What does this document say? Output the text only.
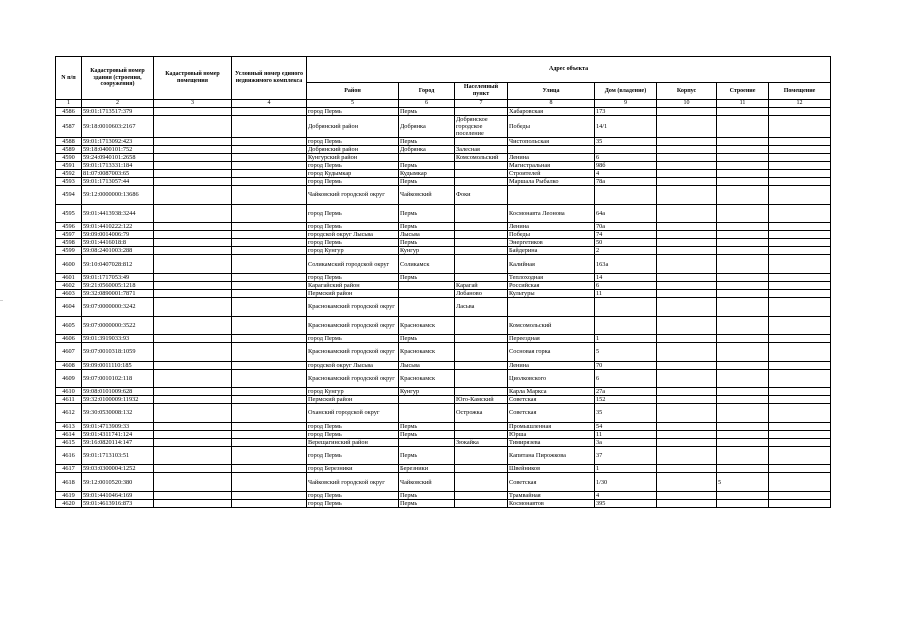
N п/п	Кадастровый номер здания (строения, сооружения)	Кадастровый номер помещения	Условный номер единого недвижимого комплекса	Адрес объекта							
				Район	Город	Населенный пункт	Улица	Дом (владение)	Корпус	Строение	Помещение
1	2	3	4	5	6	7	8	9	10	11	12
4586	59:01:1713517:379			город Пермь	Пермь		Хабаровская	173			
4587	59:18:0010603:2167			Добрянский район	Добрянка	Добрянское городское поселение	Победы	14/1			
4588	59:01:1713092:423			город Пермь	Пермь		Чистопольская	35			
4589	59:18:0400101:752			Добрянский район	Добрянка	Залесная					
4590	59:24:0940101:2658			Кунгурский район		Комсомольский	Ленина	6			
4591	59:01:1713331:184			город Пермь	Пермь		Магистральная	98б			
4592	81:07:0087003:65			город Кудымкар	Кудымкар		Строителей	4			
4593	59:01:1713057:44			город Пермь	Пермь		Маршала Рыбалко	78а			
4594	59:12:0000000:13686			Чайковский городской округ	Чайковский	Фоки					
4595	59:01:4413938:3244			город Пермь	Пермь		Космонавта Леонова	64а			
4596	59:01:4410222:122			город Пермь	Пермь		Ленина	70а			
4597	59:09:0014006:79			городской округ Лысьва	Лысьва		Победы	74			
4598	59:01:4416018:8			город Пермь	Пермь		Энергетиков	50			
4599	59:08:2401003:288			город Кунгур	Кунгур		Байдерина	2			
4600	59:10:0407028:812			Соликамский городской округ	Соликамск		Калийная	163а			
4601	59:01:1717053:49			город Пермь	Пермь		Теплоходная	14			
4602	59:21:0560005:1218			Карагайский район		Карагай	Российская	6			
4603	59:32:0890001:7871			Пермский район		Лобаново	Культуры	11			
4604	59:07:0000000:3242			Краснокамский городской округ		Ласьва					
4605	59:07:0000000:3522			Краснокамский городской округ	Краснокамск		Комсомольский				
4606	59:01:3919033:93			город Пермь	Пермь		Переездная	1			
4607	59:07:0010318:1059			Краснокамский городской округ	Краснокамск		Сосновая горка	5			
4608	59:09:0011110:185			городской округ Лысьва	Лысьва		Ленина	70			
4609	59:07:0010102:118			Краснокамский городской округ	Краснокамск		Циолковского	6			
4610	59:08:0101009:628			город Кунгур	Кунгур		Карла Маркса	27а			
4611	59:32:0100009:11932			Пермский район		Юго-Камский	Советская	152			
4612	59:30:0530008:132			Оханский городской округ		Острожка	Советская	35			
4613	59:01:4713909:33			город Пермь	Пермь		Промышленная	54			
4614	59:01:4311741:124			город Пермь	Пермь		Юрша	11			
4615	59:16:0820114:147			Верещагинский район		Зюкайка	Тимирязева	3а			
4616	59:01:1713103:51			город Пермь	Пермь		Капитана Пирожкова	37			
4617	59:03:0300004:1252			город Березники	Березники		Швейников	1			
4618	59:12:0010520:380			Чайковский городской округ	Чайковский		Советская	1/30		5	
4619	59:01:4410464:169			город Пермь	Пермь		Трамвайная	4			
4620	59:01:4613916:873			город Пермь	Пермь		Космонавтов	395			
